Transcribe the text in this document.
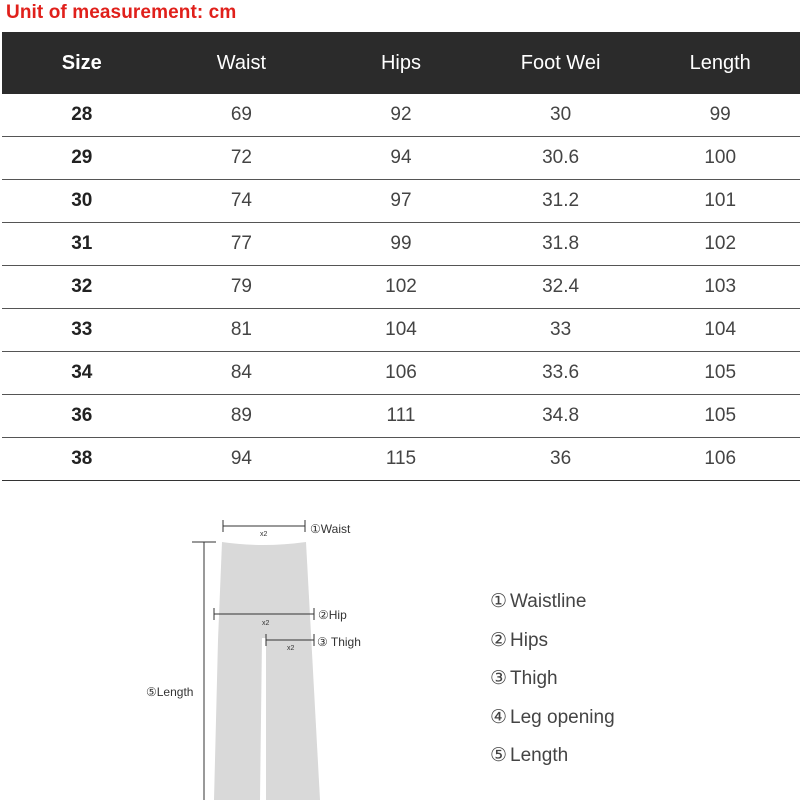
Unit of measurement: cm
Size	Waist	Hips	Foot Wei	Length
28	69	92	30	99
29	72	94	30.6	100
30	74	97	31.2	101
31	77	99	31.8	102
32	79	102	32.4	103
33	81	104	33	104
34	84	106	33.6	105
36	89	111	34.8	105
38	94	115	36	106
x2
x2
x2
①Waist
②Hip
③ Thigh
⑤Length
① Waistline
② Hips
③ Thigh
④ Leg opening
⑤ Length
